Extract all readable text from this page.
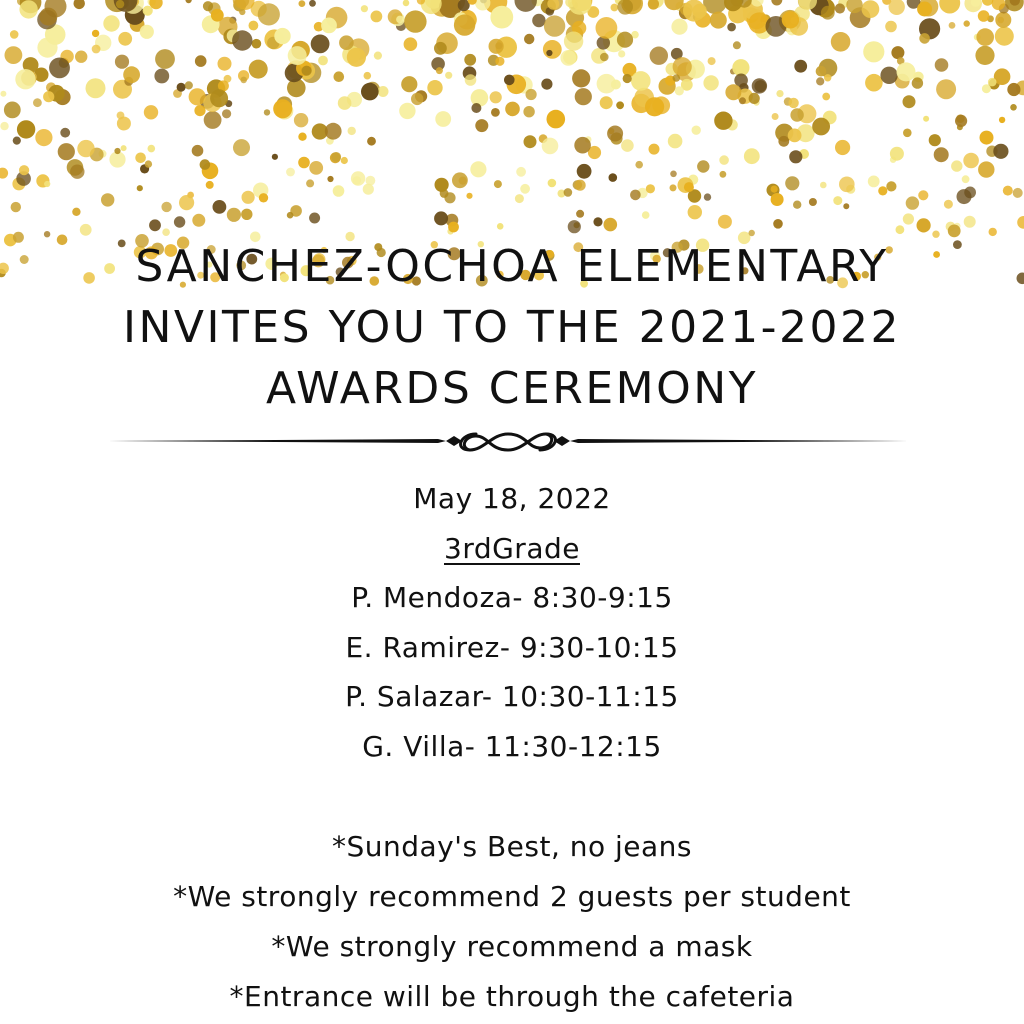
SANCHEZ-OCHOA ELEMENTARY
INVITES YOU TO THE 2021-2022
AWARDS CEREMONY
May 18, 2022
3rdGrade
P. Mendoza- 8:30-9:15
E. Ramirez- 9:30-10:15
P. Salazar- 10:30-11:15
G. Villa- 11:30-12:15
*Sunday's Best, no jeans
*We strongly recommend 2 guests per student
*We strongly recommend a mask
*Entrance will be through the cafeteria
